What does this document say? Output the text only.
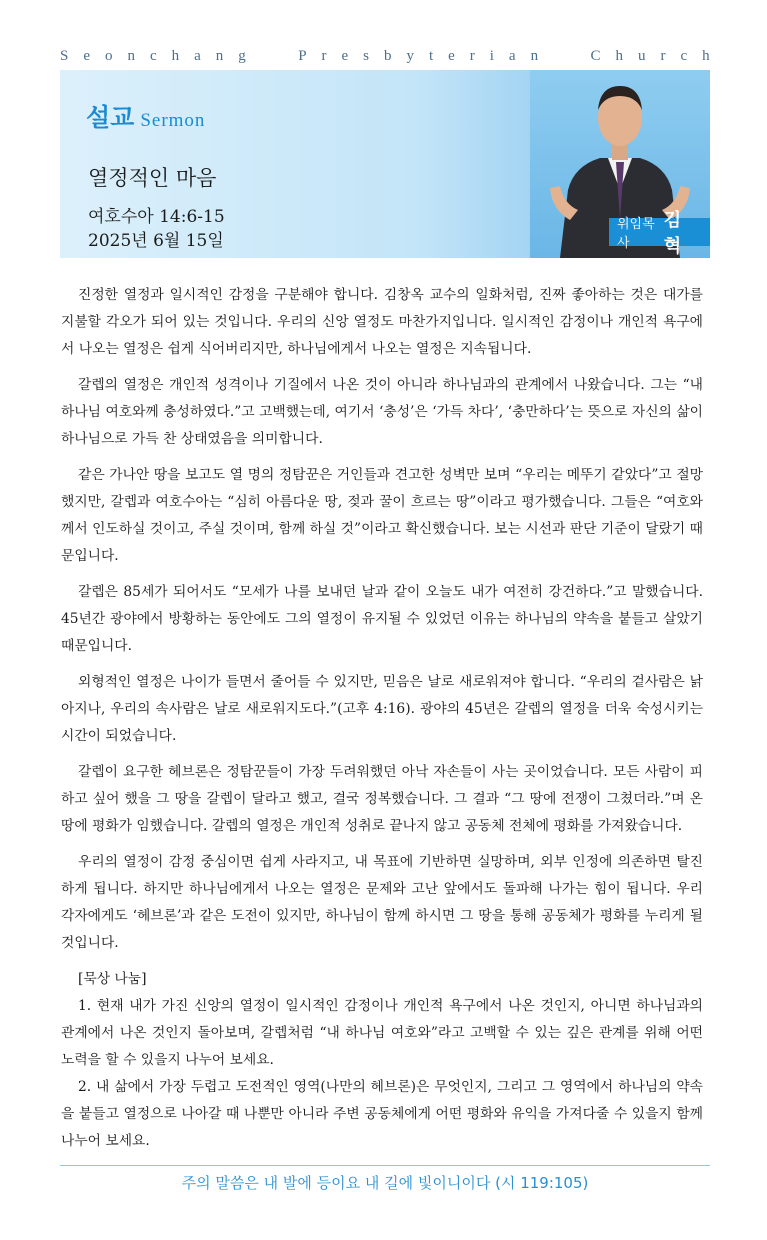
S e o n c h a n g

	P r e s b y t e r i a n

	C h u r c h
설교 Sermon
열정적인 마음
여호수아 14:6-15
2025년 6월 15일
위임목사
김 혁

진정한 열정과 일시적인 감정을 구분해야 합니다. 김창옥 교수의 일화처럼, 진짜 좋아하는 것은 대가를 지불할 각오가 되어 있는 것입니다. 우리의 신앙 열정도 마찬가지입니다. 일시적인 감정이나 개인적 욕구에서 나오는 열정은 쉽게 식어버리지만, 하나님에게서 나오는 열정은 지속됩니다.

갈렙의 열정은 개인적 성격이나 기질에서 나온 것이 아니라 하나님과의 관계에서 나왔습니다. 그는 “내 하나님 여호와께 충성하였다.”고 고백했는데, 여기서 ‘충성’은 ‘가득 차다’, ‘충만하다’는 뜻으로 자신의 삶이 하나님으로 가득 찬 상태였음을 의미합니다.

같은 가나안 땅을 보고도 열 명의 정탐꾼은 거인들과 견고한 성벽만 보며 “우리는 메뚜기 같았다”고 절망했지만, 갈렙과 여호수아는 “심히 아름다운 땅, 젖과 꿀이 흐르는 땅”이라고 평가했습니다. 그들은 “여호와께서 인도하실 것이고, 주실 것이며, 함께 하실 것”이라고 확신했습니다. 보는 시선과 판단 기준이 달랐기 때문입니다.

갈렙은 85세가 되어서도 “모세가 나를 보내던 날과 같이 오늘도 내가 여전히 강건하다.”고 말했습니다. 45년간 광야에서 방황하는 동안에도 그의 열정이 유지될 수 있었던 이유는 하나님의 약속을 붙들고 살았기 때문입니다.

외형적인 열정은 나이가 들면서 줄어들 수 있지만, 믿음은 날로 새로워져야 합니다. “우리의 겉사람은 낡아지나, 우리의 속사람은 날로 새로워지도다.”(고후 4:16). 광야의 45년은 갈렙의 열정을 더욱 숙성시키는 시간이 되었습니다.

갈렙이 요구한 헤브론은 정탐꾼들이 가장 두려워했던 아낙 자손들이 사는 곳이었습니다. 모든 사람이 피하고 싶어 했을 그 땅을 갈렙이 달라고 했고, 결국 정복했습니다. 그 결과 “그 땅에 전쟁이 그쳤더라.”며 온 땅에 평화가 임했습니다. 갈렙의 열정은 개인적 성취로 끝나지 않고 공동체 전체에 평화를 가져왔습니다.

우리의 열정이 감정 중심이면 쉽게 사라지고, 내 목표에 기반하면 실망하며, 외부 인정에 의존하면 탈진하게 됩니다. 하지만 하나님에게서 나오는 열정은 문제와 고난 앞에서도 돌파해 나가는 힘이 됩니다. 우리 각자에게도 ‘헤브론’과 같은 도전이 있지만, 하나님이 함께 하시면 그 땅을 통해 공동체가 평화를 누리게 될 것입니다.

[묵상 나눔]

1. 현재 내가 가진 신앙의 열정이 일시적인 감정이나 개인적 욕구에서 나온 것인지, 아니면 하나님과의 관계에서 나온 것인지 돌아보며, 갈렙처럼 “내 하나님 여호와”라고 고백할 수 있는 깊은 관계를 위해 어떤 노력을 할 수 있을지 나누어 보세요.

2. 내 삶에서 가장 두렵고 도전적인 영역(나만의 헤브론)은 무엇인지, 그리고 그 영역에서 하나님의 약속을 붙들고 열정으로 나아갈 때 나뿐만 아니라 주변 공동체에게 어떤 평화와 유익을 가져다줄 수 있을지 함께 나누어 보세요.

주의 말씀은 내 발에 등이요 내 길에 빛이니이다 (시 119:105)
